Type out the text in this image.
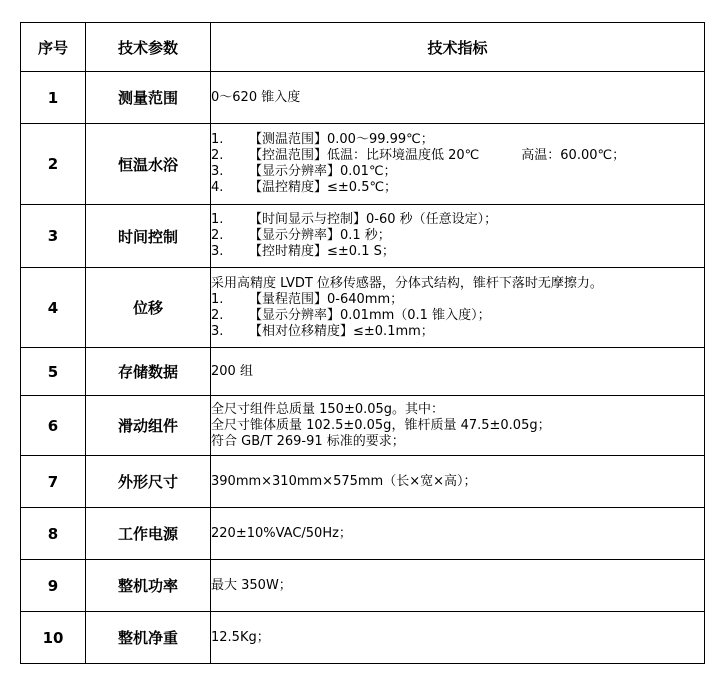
序号	技术参数	技术指标
1	测量范围	0～620 锥入度

2	恒温水浴	1. 【测温范围】0.00～99.99℃；
2. 【控温范围】低温：比环境温度低 20℃ 高温：60.00℃；
3. 【显示分辨率】0.01℃；
4. 【温控精度】≤±0.5℃；

3	时间控制	1. 【时间显示与控制】0-60 秒（任意设定）；
2. 【显示分辨率】0.1 秒；
3. 【控时精度】≤±0.1 S；

4	位移	采用高精度 LVDT 位移传感器，分体式结构，锥杆下落时无摩擦力。
1. 【量程范围】0-640mm；
2. 【显示分辨率】0.01mm（0.1 锥入度）；
3. 【相对位移精度】≤±0.1mm；

5	存储数据	200 组

6	滑动组件	全尺寸组件总质量 150±0.05g。其中：
全尺寸锥体质量 102.5±0.05g，锥杆质量 47.5±0.05g；
符合 GB/T 269-91 标准的要求；

7	外形尺寸	390mm×310mm×575mm（长×宽×高）；

8	工作电源	220±10%VAC/50Hz；

9	整机功率	最大 350W；

10	整机净重	12.5Kg；
